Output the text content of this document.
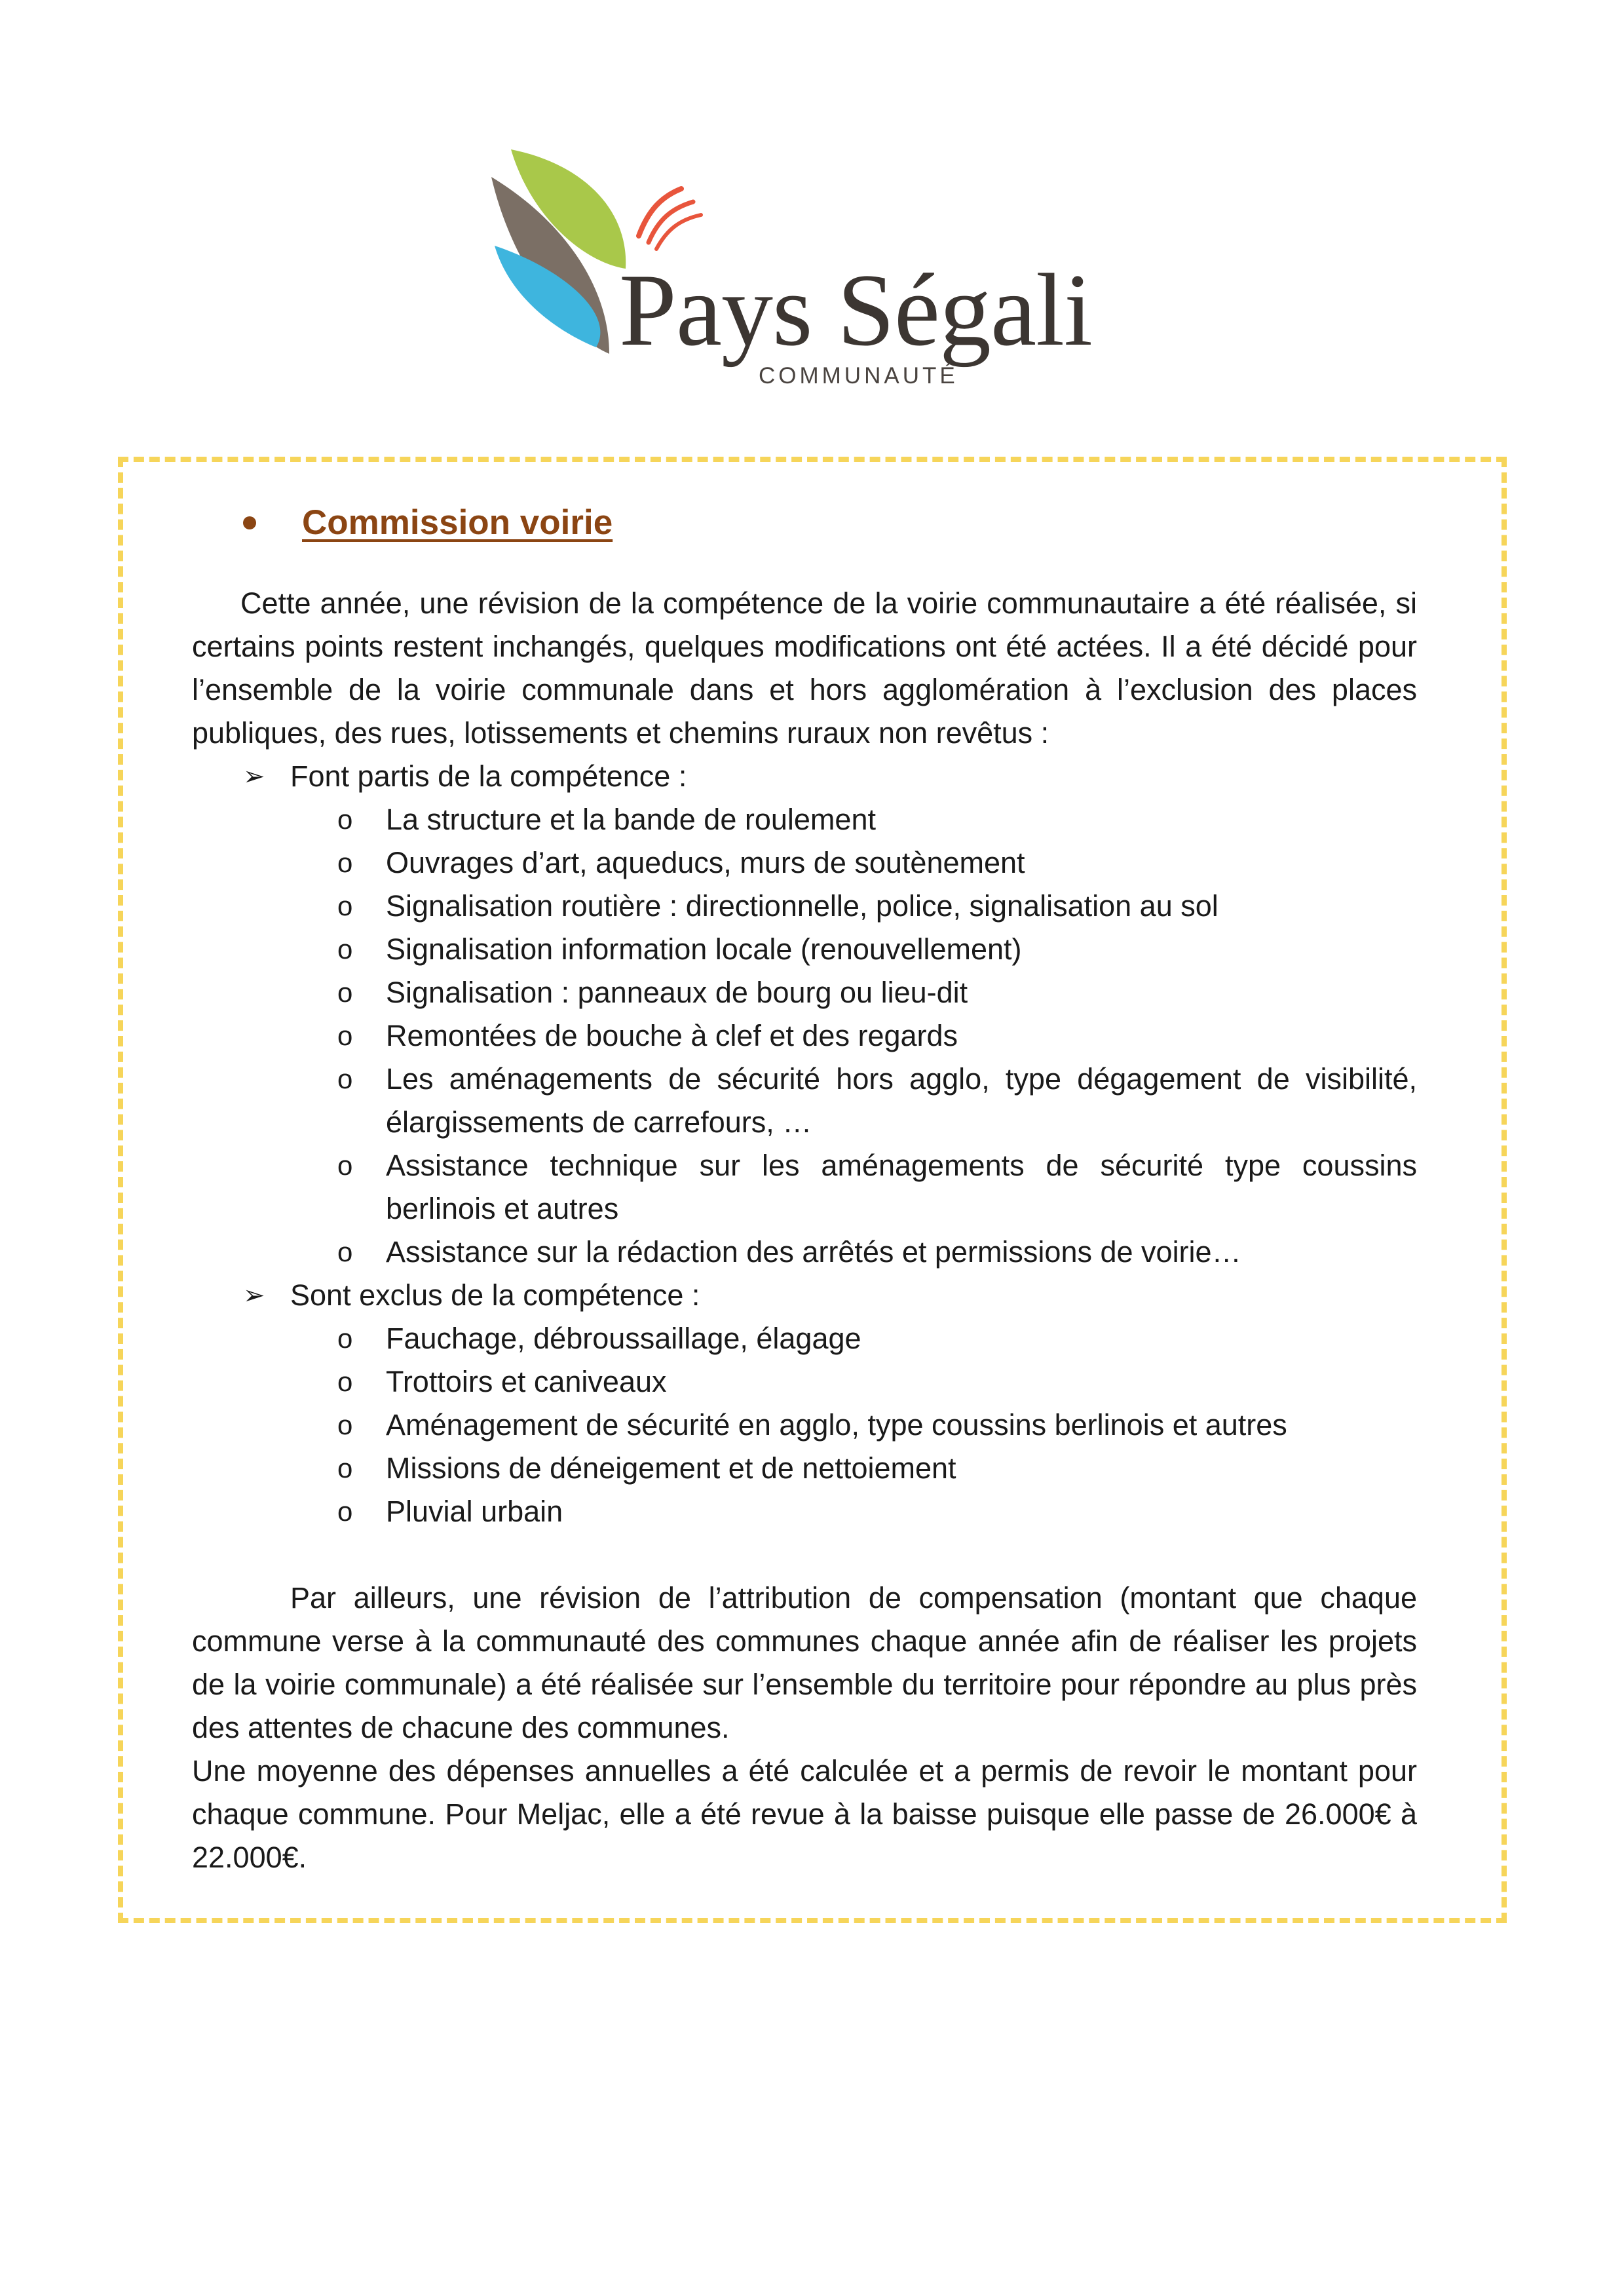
Pays Ségali
COMMUNAUTÉ
Commission voirie

Cette année, une révision de la compétence de la voirie communautaire a été réalisée, si certains points restent inchangés, quelques modifications ont été actées. Il a été décidé pour l’ensemble de la voirie communale dans et hors agglomération à l’exclusion des places publiques, des rues, lotissements et chemins ruraux non revêtus :

➢ Font partis de la compétence :
o La structure et la bande de roulement
o Ouvrages d’art, aqueducs, murs de soutènement
o Signalisation routière : directionnelle, police, signalisation au sol
o Signalisation information locale (renouvellement)
o Signalisation : panneaux de bourg ou lieu-dit
o Remontées de bouche à clef et des regards
o Les aménagements de sécurité hors agglo, type dégagement de visibilité, élargissements de carrefours, …
o Assistance technique sur les aménagements de sécurité type coussins berlinois et autres
o Assistance sur la rédaction des arrêtés et permissions de voirie…
➢ Sont exclus de la compétence :
o Fauchage, débroussaillage, élagage
o Trottoirs et caniveaux
o Aménagement de sécurité en agglo, type coussins berlinois et autres
o Missions de déneigement et de nettoiement
o Pluvial urbain

Par ailleurs, une révision de l’attribution de compensation (montant que chaque commune verse à la communauté des communes chaque année afin de réaliser les projets de la voirie communale) a été réalisée sur l’ensemble du territoire pour répondre au plus près des attentes de chacune des communes.

Une moyenne des dépenses annuelles a été calculée et a permis de revoir le montant pour chaque commune. Pour Meljac, elle a été revue à la baisse puisque elle passe de 26.000€ à 22.000€.
